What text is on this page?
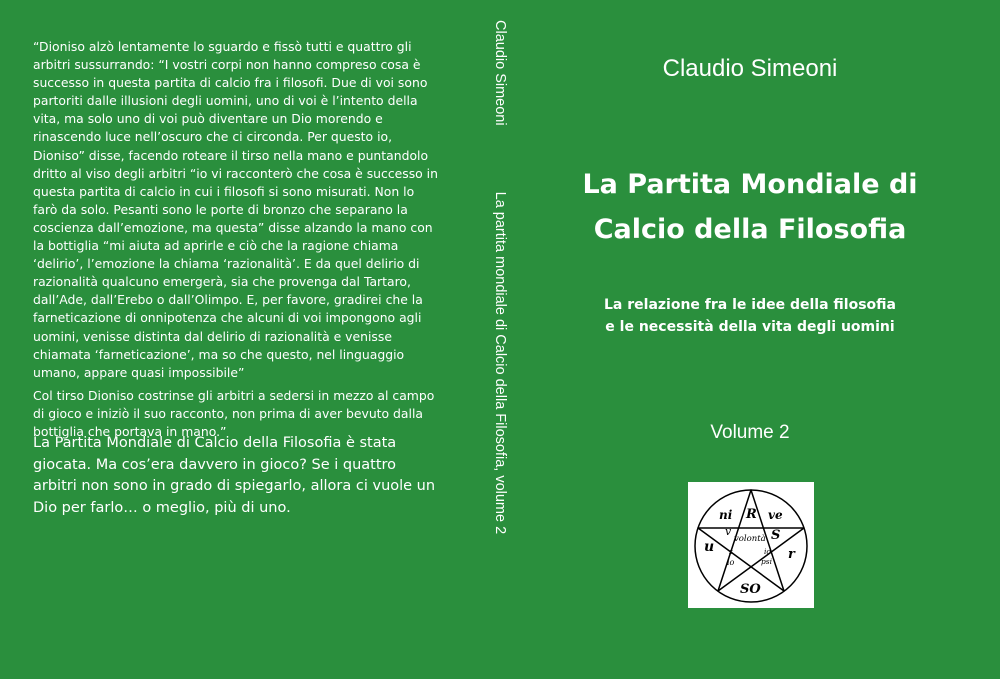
“Dioniso alzò lentamente lo sguardo e fissò tutti e quattro gli arbitri sussurrando: “I vostri corpi non hanno compreso cosa è successo in questa partita di calcio fra i filosofi. Due di voi sono partoriti dalle illusioni degli uomini, uno di voi è l’intento della vita, ma solo uno di voi può diventare un Dio morendo e rinascendo luce nell’oscuro che ci circonda. Per questo io, Dioniso” disse, facendo roteare il tirso nella mano e puntandolo dritto al viso degli arbitri “io vi racconterò che cosa è successo in questa partita di calcio in cui i filosofi si sono misurati. Non lo farò da solo. Pesanti sono le porte di bronzo che separano la coscienza dall’emozione, ma questa” disse alzando la mano con la bottiglia “mi aiuta ad aprirle e ciò che la ragione chiama ‘delirio’, l’emozione la chiama ‘razionalità’. E da quel delirio di razionalità qualcuno emergerà, sia che provenga dal Tartaro, dall’Ade, dall’Erebo o dall’Olimpo. E, per favore, gradirei che la farneticazione di onnipotenza che alcuni di voi impongono agli uomini, venisse distinta dal delirio di razionalità e venisse chiamata ‘farneticazione’, ma so che questo, nel linguaggio umano, appare quasi impossibile”

Col tirso Dioniso costrinse gli arbitri a sedersi in mezzo al campo di gioco e iniziò il suo racconto, non prima di aver bevuto dalla bottiglia che portava in mano.”

La Partita Mondiale di Calcio della Filosofia è stata giocata. Ma cos’era davvero in gioco? Se i quattro arbitri non sono in grado di spiegarlo, allora ci vuole un Dio per farlo… o meglio, più di uno.
Claudio Simeoni La partita mondiale di Calcio della Filosofia, volume 2
Claudio Simeoni
La Partita Mondiale di
Calcio della Filosofia
La relazione fra le idee della filosofia
e le necessità della vita degli uomini
Volume 2
ni R ve
v
volontà S
u s	io
io	psi r
SO
